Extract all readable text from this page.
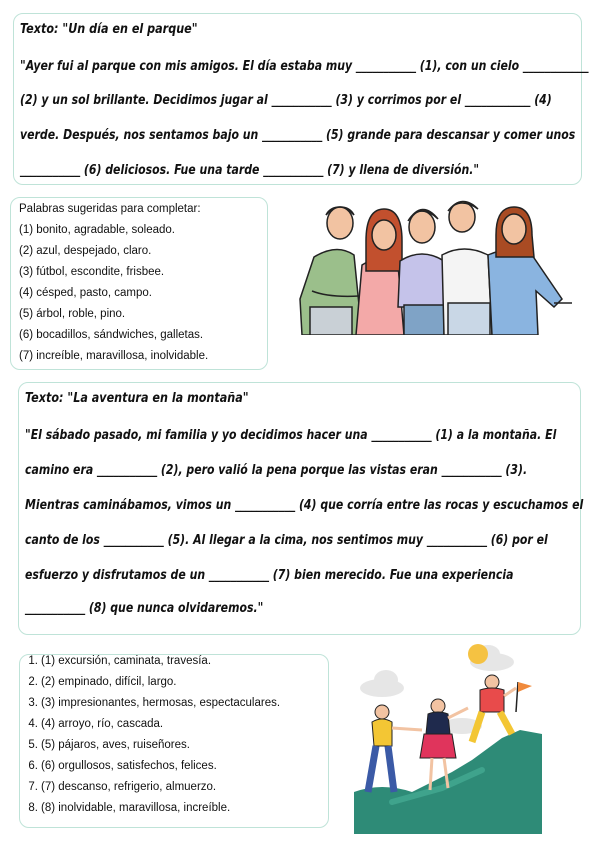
Texto: "Un día en el parque"
"Ayer fui al parque con mis amigos. El día estaba muy ___________ (1), con un cielo ____________
(2) y un sol brillante. Decidimos jugar al ___________ (3) y corrimos por el ____________ (4)
verde. Después, nos sentamos bajo un ___________ (5) grande para descansar y comer unos
___________ (6) deliciosos. Fue una tarde ___________ (7) y llena de diversión."
Palabras sugeridas para completar:
(1) bonito, agradable, soleado.
(2) azul, despejado, claro.
(3) fútbol, escondite, frisbee.
(4) césped, pasto, campo.
(5) árbol, roble, pino.
(6) bocadillos, sándwiches, galletas.
(7) increíble, maravillosa, inolvidable.
Texto: "La aventura en la montaña"
"El sábado pasado, mi familia y yo decidimos hacer una ___________ (1) a la montaña. El
camino era ___________ (2), pero valió la pena porque las vistas eran ___________ (3).
Mientras caminábamos, vimos un ___________ (4) que corría entre las rocas y escuchamos el
canto de los ___________ (5). Al llegar a la cima, nos sentimos muy ___________ (6) por el
esfuerzo y disfrutamos de un ___________ (7) bien merecido. Fue una experiencia
___________ (8) que nunca olvidaremos."
1. (1) excursión, caminata, travesía.
2. (2) empinado, difícil, largo.
3. (3) impresionantes, hermosas, espectaculares.
4. (4) arroyo, río, cascada.
5. (5) pájaros, aves, ruiseñores.
6. (6) orgullosos, satisfechos, felices.
7. (7) descanso, refrigerio, almuerzo.
8. (8) inolvidable, maravillosa, increíble.
